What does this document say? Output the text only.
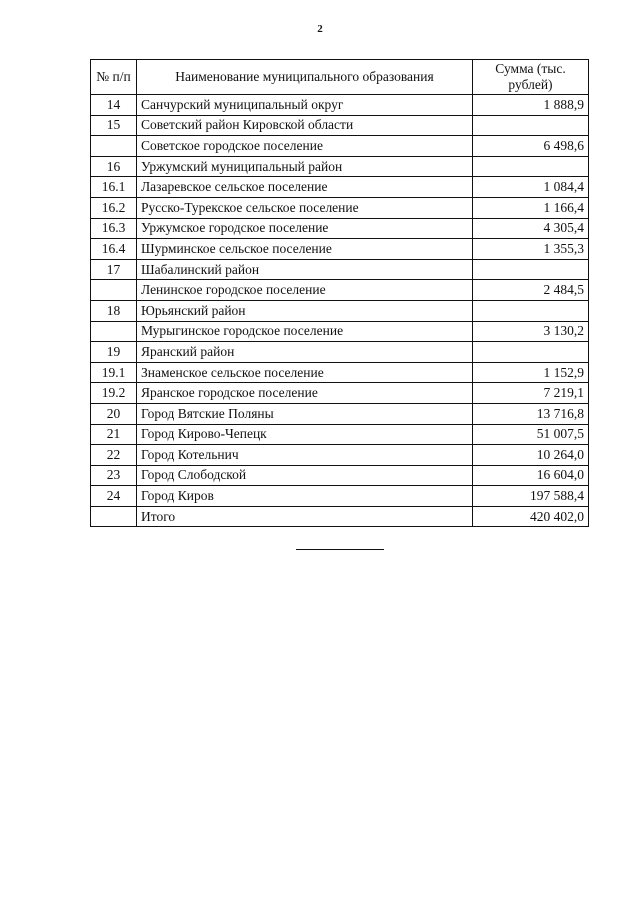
2
№ п/п	Наименование муниципального образования	Сумма (тыс. рублей)
14	Санчурский муниципальный округ	1 888,9
15	Советский район Кировской области	
	Советское городское поселение	6 498,6
16	Уржумский муниципальный район	
16.1	Лазаревское сельское поселение	1 084,4
16.2	Русско-Турекское сельское поселение	1 166,4
16.3	Уржумское городское поселение	4 305,4
16.4	Шурминское сельское поселение	1 355,3
17	Шабалинский район	
	Ленинское городское поселение	2 484,5
18	Юрьянский район	
	Мурыгинское городское поселение	3 130,2
19	Яранский район	
19.1	Знаменское сельское поселение	1 152,9
19.2	Яранское городское поселение	7 219,1
20	Город Вятские Поляны	13 716,8
21	Город Кирово-Чепецк	51 007,5
22	Город Котельнич	10 264,0
23	Город Слободской	16 604,0
24	Город Киров	197 588,4
	Итого	420 402,0
